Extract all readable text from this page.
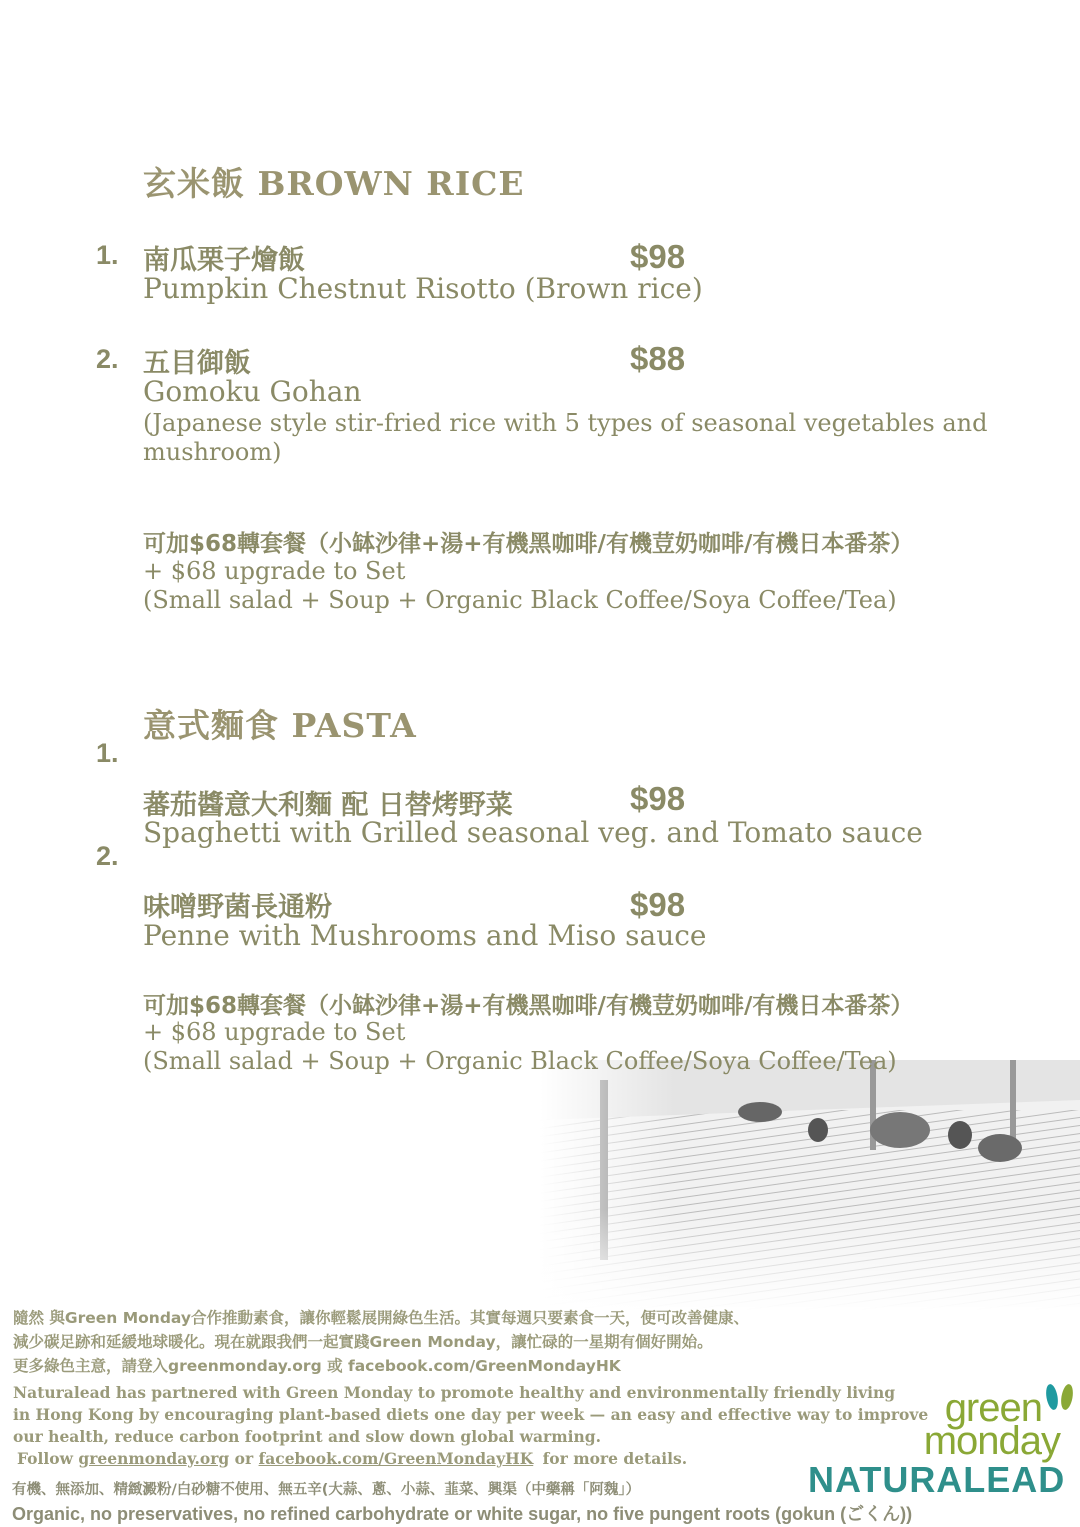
玄米飯 BROWN RICE
1. 南瓜栗子燴飯	$98
Pumpkin Chestnut Risotto (Brown rice)
2. 五目御飯	$88
Gomoku Gohan
(Japanese style stir-fried rice with 5 types of seasonal vegetables and mushroom)
可加$68轉套餐（小缽沙律+湯+有機黑咖啡/有機荳奶咖啡/有機日本番茶）
+ $68 upgrade to Set
(Small salad + Soup + Organic Black Coffee/Soya Coffee/Tea)
意式麵食 PASTA
1.
蕃茄醬意大利麵 配 日替烤野菜	$98
Spaghetti with Grilled seasonal veg. and Tomato sauce
2.
味噌野菌長通粉	$98
Penne with Mushrooms and Miso sauce
可加$68轉套餐（小缽沙律+湯+有機黑咖啡/有機荳奶咖啡/有機日本番茶）
+ $68 upgrade to Set
(Small salad + Soup + Organic Black Coffee/Soya Coffee/Tea)
隨然 與Green Monday合作推動素食，讓你輕鬆展開綠色生活。其實每週只要素食一天，便可改善健康、
減少碳足跡和延緩地球暖化。現在就跟我們一起實踐Green Monday，讓忙碌的一星期有個好開始。
更多綠色主意，請登入greenmonday.org 或 facebook.com/GreenMondayHK
Naturalead has partnered with Green Monday to promote healthy and environmentally friendly living
in Hong Kong by encouraging plant-based diets one day per week — an easy and effective way to improve
our health, reduce carbon footprint and slow down global warming.
Follow greenmonday.org or facebook.com/GreenMondayHK for more details.
有機、無添加、精緻澱粉/白砂糖不使用、無五辛(大蒜、蔥、小蒜、韮菜、興渠（中藥稱「阿魏」）
Organic, no preservatives, no refined carbohydrate or white sugar, no five pungent roots (gokun (ごくん))
green
monday
NATURALEAD
